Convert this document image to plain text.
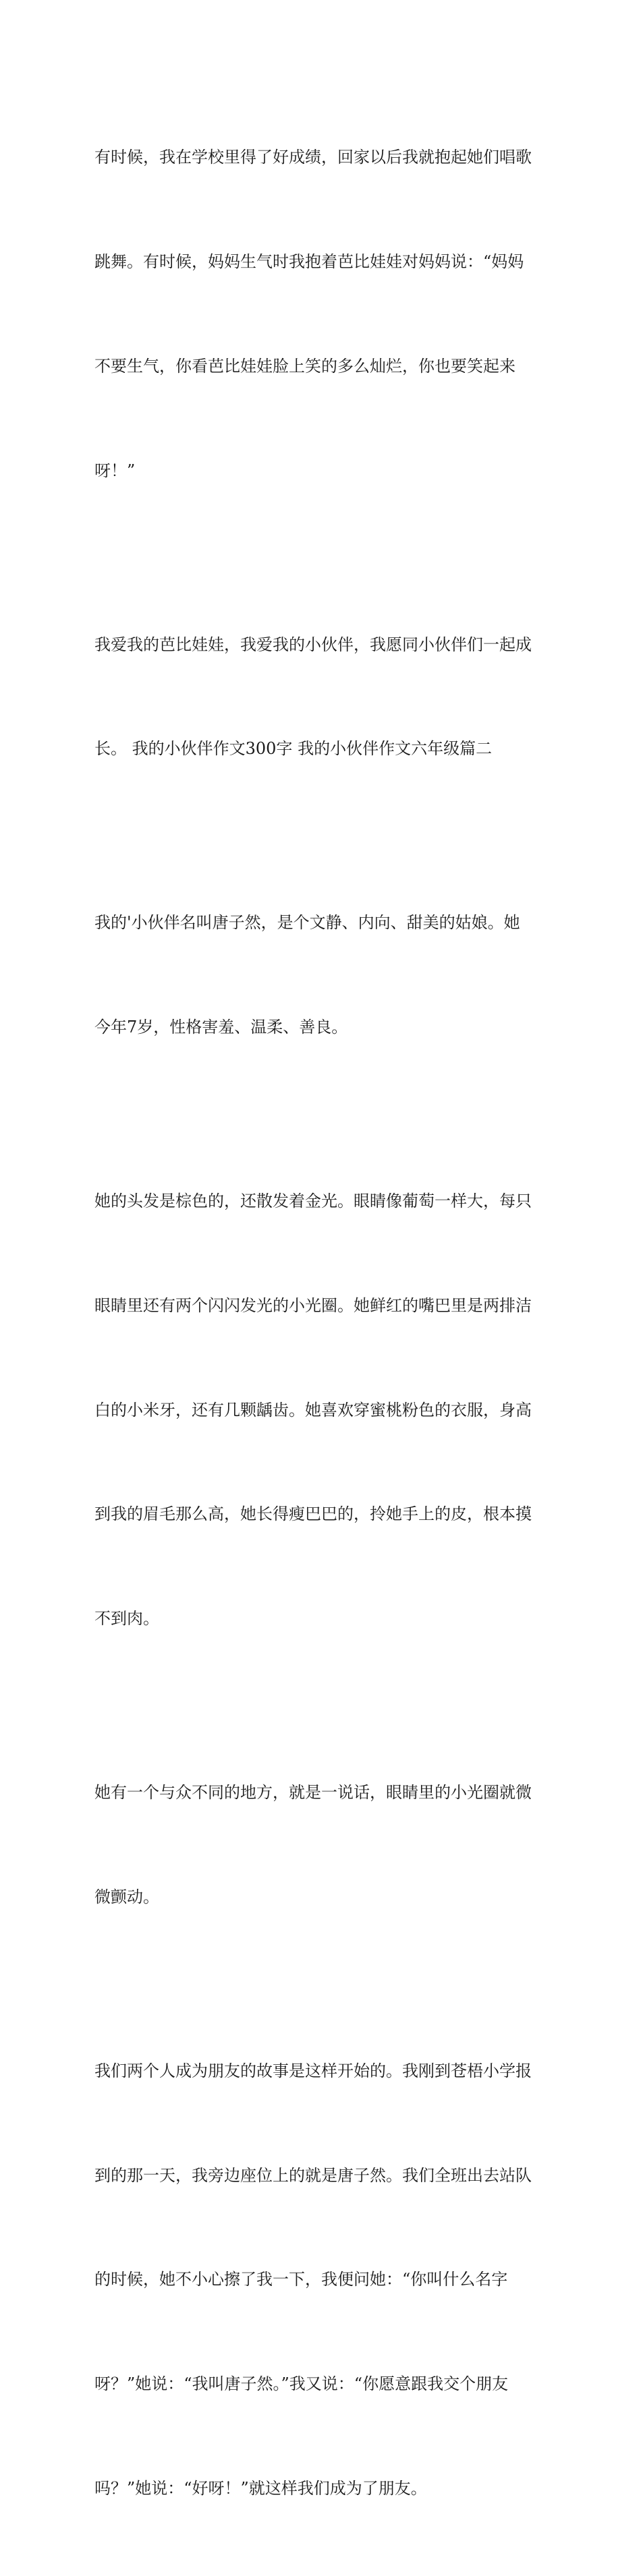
有时候，我在学校里得了好成绩，回家以后我就抱起她们唱歌

跳舞。有时候，妈妈生气时我抱着芭比娃娃对妈妈说：“妈妈

不要生气，你看芭比娃娃脸上笑的多么灿烂，你也要笑起来

呀！”

我爱我的芭比娃娃，我爱我的小伙伴，我愿同小伙伴们一起成

长。 我的小伙伴作文300字 我的小伙伴作文六年级篇二

我的'小伙伴名叫唐子然，是个文静、内向、甜美的姑娘。她

今年7岁，性格害羞、温柔、善良。

她的头发是棕色的，还散发着金光。眼睛像葡萄一样大，每只

眼睛里还有两个闪闪发光的小光圈。她鲜红的嘴巴里是两排洁

白的小米牙，还有几颗龋齿。她喜欢穿蜜桃粉色的衣服，身高

到我的眉毛那么高，她长得瘦巴巴的，拎她手上的皮，根本摸

不到肉。

她有一个与众不同的地方，就是一说话，眼睛里的小光圈就微

微颤动。

我们两个人成为朋友的故事是这样开始的。我刚到苍梧小学报

到的那一天，我旁边座位上的就是唐子然。我们全班出去站队

的时候，她不小心擦了我一下，我便问她：“你叫什么名字

呀？”她说：“我叫唐子然。”我又说：“你愿意跟我交个朋友

吗？”她说：“好呀！”就这样我们成为了朋友。
